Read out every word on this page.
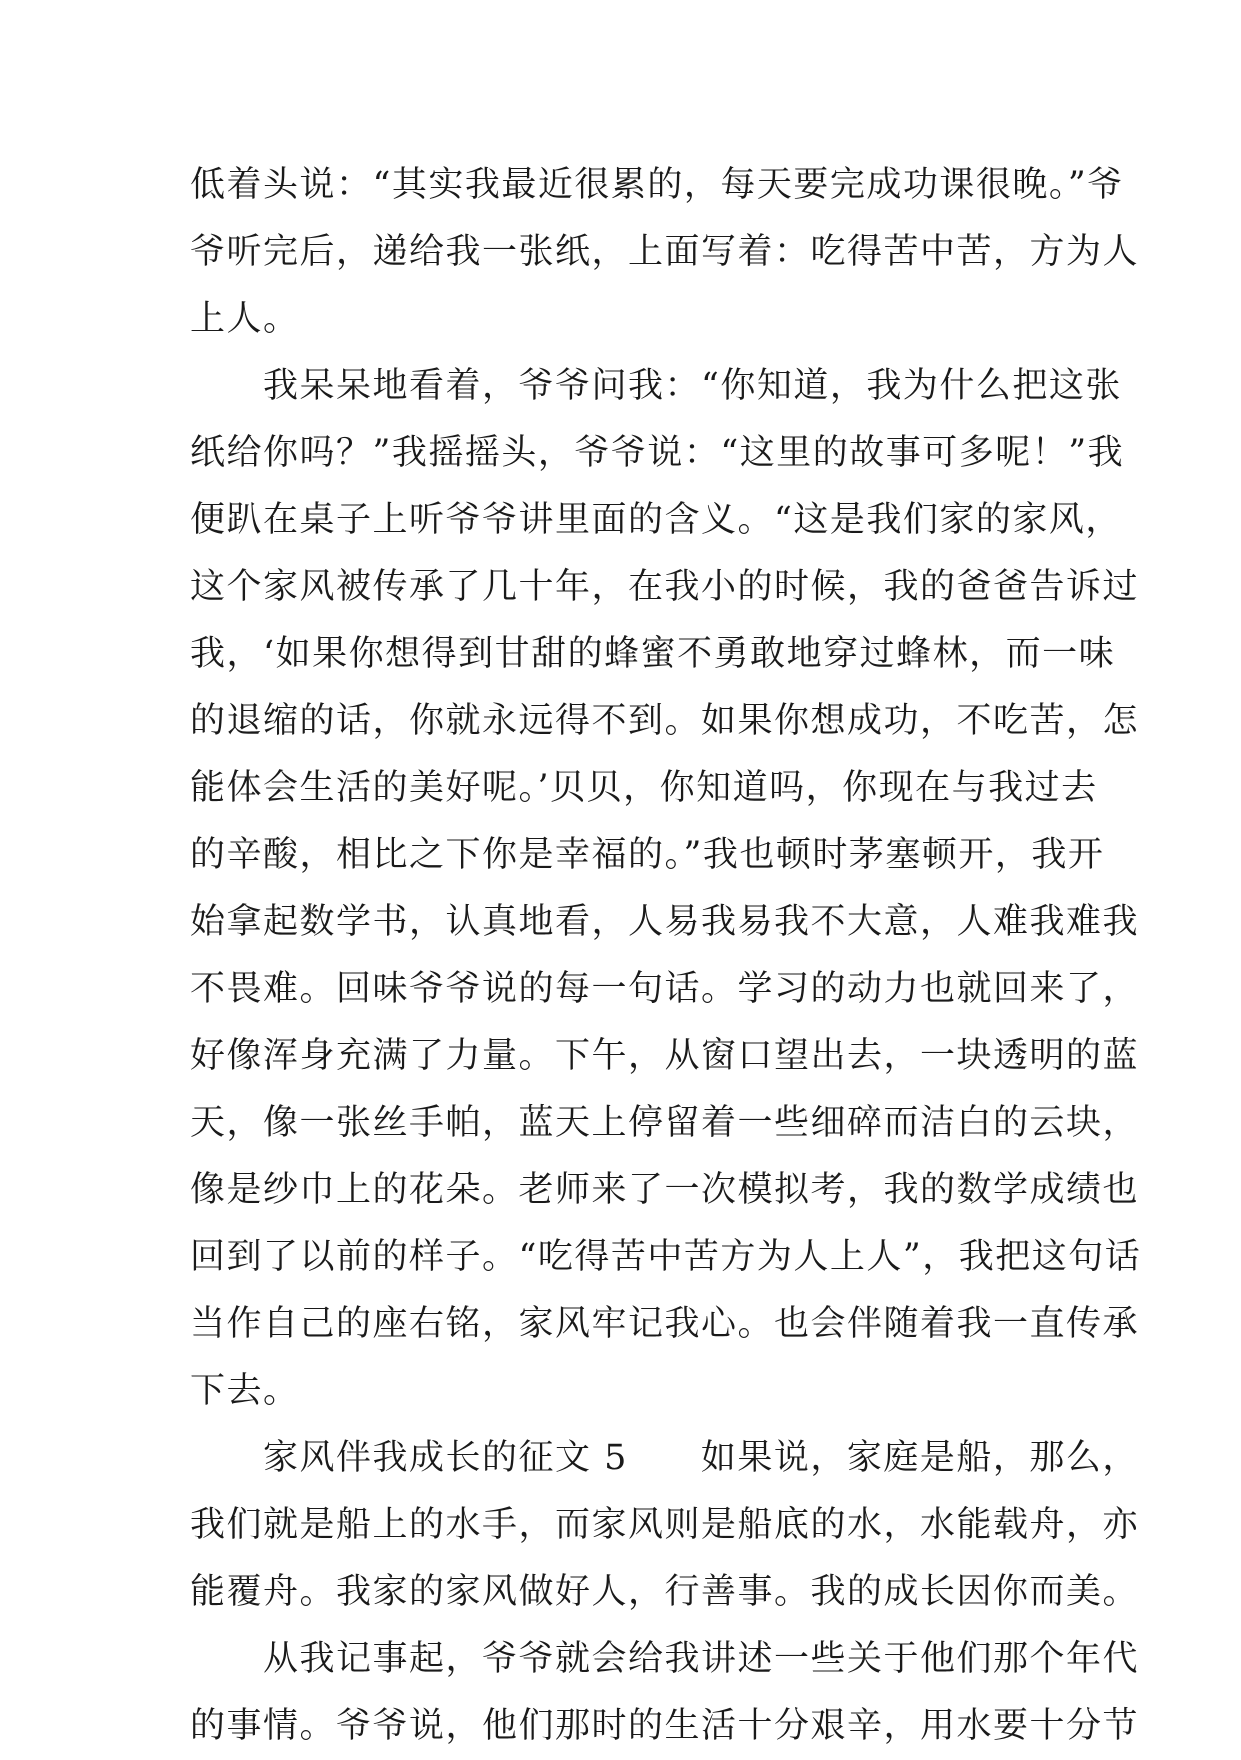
低着头说：“其实我最近很累的，每天要完成功课很晚。”爷
爷听完后，递给我一张纸，上面写着：吃得苦中苦，方为人
上人。
　　我呆呆地看着，爷爷问我：“你知道，我为什么把这张
纸给你吗？”我摇摇头，爷爷说：“这里的故事可多呢！”我
便趴在桌子上听爷爷讲里面的含义。“这是我们家的家风，
这个家风被传承了几十年，在我小的时候，我的爸爸告诉过
我，‘如果你想得到甘甜的蜂蜜不勇敢地穿过蜂林，而一味
的退缩的话，你就永远得不到。如果你想成功，不吃苦，怎
能体会生活的美好呢。’贝贝，你知道吗，你现在与我过去
的辛酸，相比之下你是幸福的。”我也顿时茅塞顿开，我开
始拿起数学书，认真地看，人易我易我不大意，人难我难我
不畏难。回味爷爷说的每一句话。学习的动力也就回来了，
好像浑身充满了力量。下午，从窗口望出去，一块透明的蓝
天，像一张丝手帕，蓝天上停留着一些细碎而洁白的云块，
像是纱巾上的花朵。老师来了一次模拟考，我的数学成绩也
回到了以前的样子。“吃得苦中苦方为人上人”，我把这句话
当作自己的座右铭，家风牢记我心。也会伴随着我一直传承
下去。
　　家风伴我成长的征文 5　　如果说，家庭是船，那么，
我们就是船上的水手，而家风则是船底的水，水能载舟，亦
能覆舟。我家的家风做好人，行善事。我的成长因你而美。
　　从我记事起，爷爷就会给我讲述一些关于他们那个年代
的事情。爷爷说，他们那时的生活十分艰辛，用水要十分节
